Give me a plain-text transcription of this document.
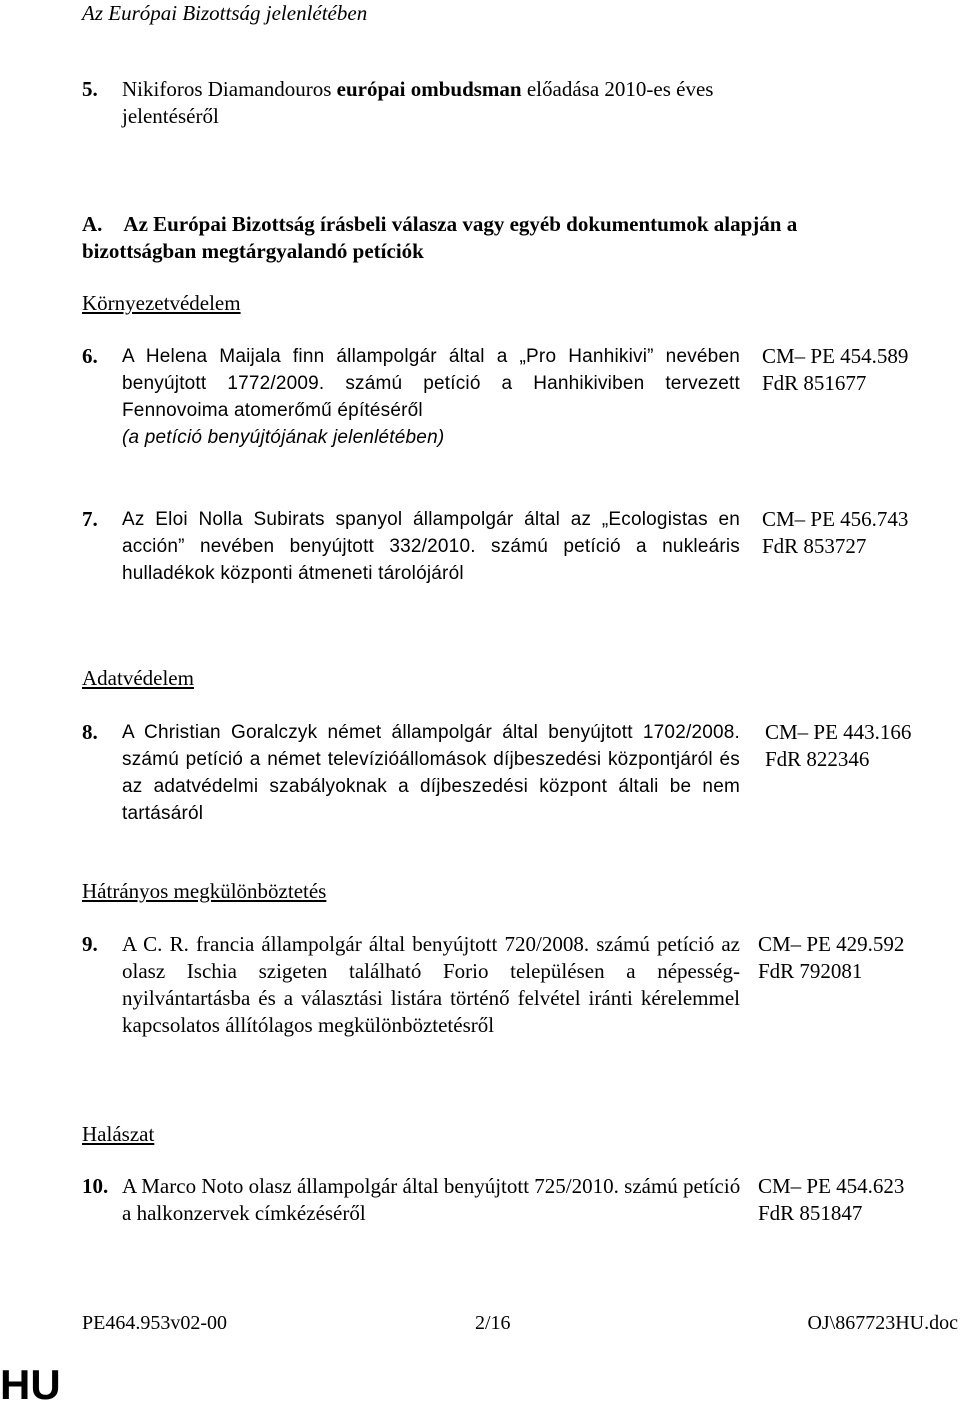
Az Európai Bizottság jelenlétében
5. Nikiforos Diamandouros európai ombudsman előadása 2010-es éves jelentéséről
A. Az Európai Bizottság írásbeli válasza vagy egyéb dokumentumok alapján a bizottságban megtárgyalandó petíciók
Környezetvédelem
6. A Helena Maijala finn állampolgár által a „Pro Hanhikivi” nevében benyújtott 1772/2009. számú petíció a Hanhikiviben tervezett Fennovoima atomerőmű építéséről
(a petíció benyújtójának jelenlétében)
CM– PE 454.589
FdR 851677
7. Az Eloi Nolla Subirats spanyol állampolgár által az „Ecologistas en acción” nevében benyújtott 332/2010. számú petíció a nukleáris hulladékok központi átmeneti tárolójáról
CM– PE 456.743
FdR 853727
Adatvédelem
8. A Christian Goralczyk német állampolgár által benyújtott 1702/2008. számú petíció a német televízióállomások díjbeszedési központjáról és az adatvédelmi szabályoknak a díjbeszedési központ általi be nem tartásáról
CM– PE 443.166
FdR 822346
Hátrányos megkülönböztetés
9. A C. R. francia állampolgár által benyújtott 720/2008. számú petíció az olasz Ischia szigeten található Forio településen a népesség-nyilvántartásba és a választási listára történő felvétel iránti kérelemmel kapcsolatos állítólagos megkülönböztetésről
CM– PE 429.592
FdR 792081
Halászat
10. A Marco Noto olasz állampolgár által benyújtott 725/2010. számú petíció a halkonzervek címkézéséről
CM– PE 454.623
FdR 851847
PE464.953v02-00	2/16	OJ\867723HU.doc
HU
